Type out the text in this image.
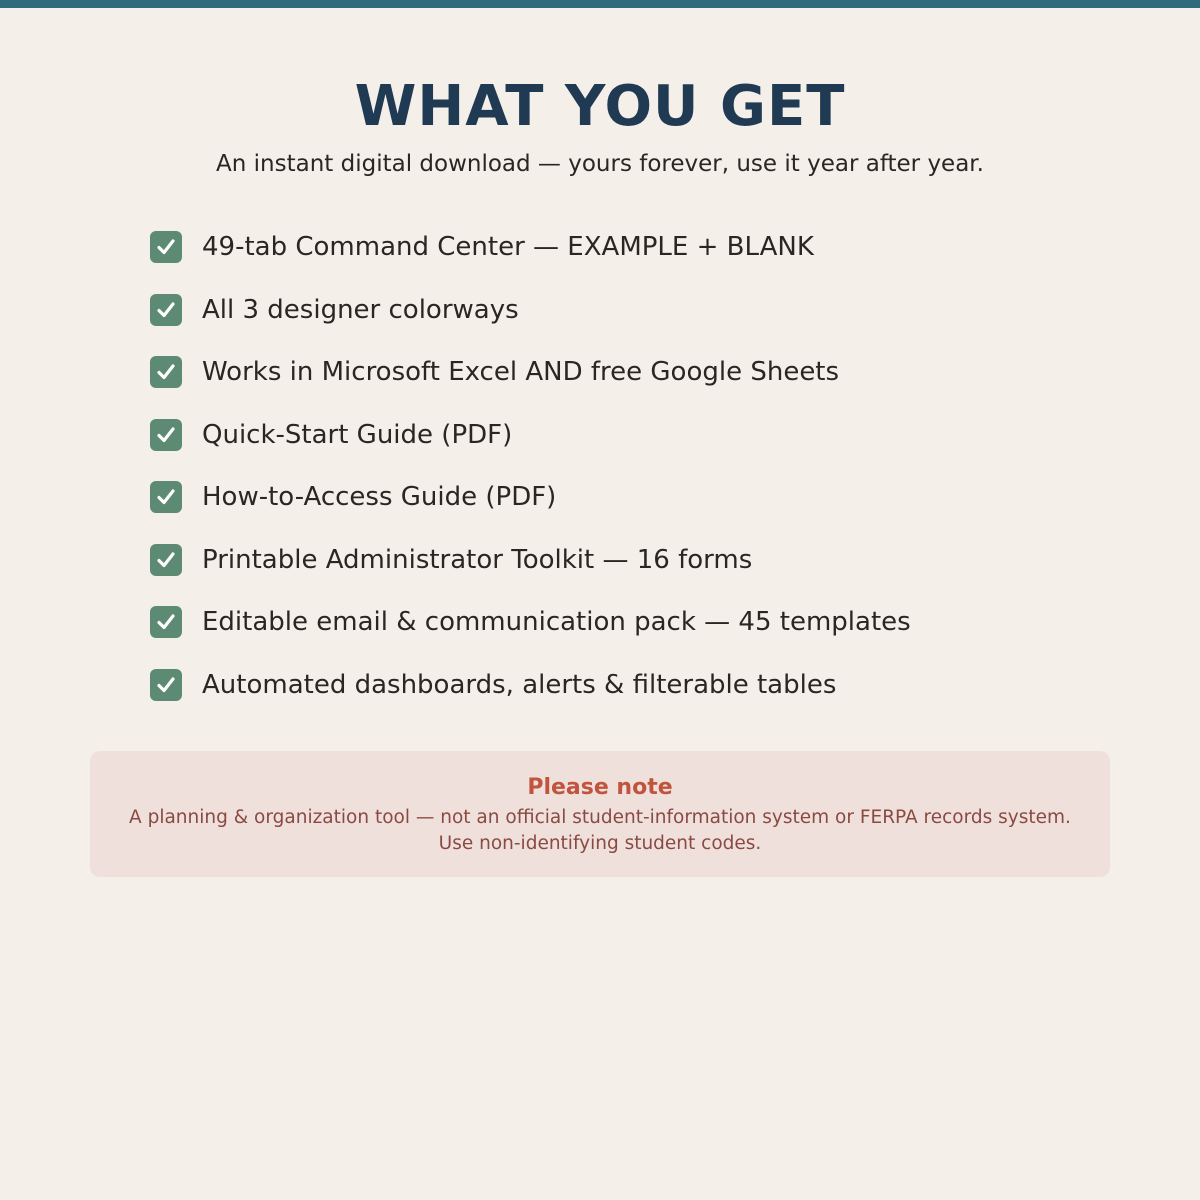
WHAT YOU GET

An instant digital download — yours forever, use it year after year.

49-tab Command Center — EXAMPLE + BLANK
All 3 designer colorways
Works in Microsoft Excel AND free Google Sheets
Quick-Start Guide (PDF)
How-to-Access Guide (PDF)
Printable Administrator Toolkit — 16 forms
Editable email & communication pack — 45 templates
Automated dashboards, alerts & filterable tables

Please note

A planning & organization tool — not an official student-information system or FERPA records system.

Use non-identifying student codes.
